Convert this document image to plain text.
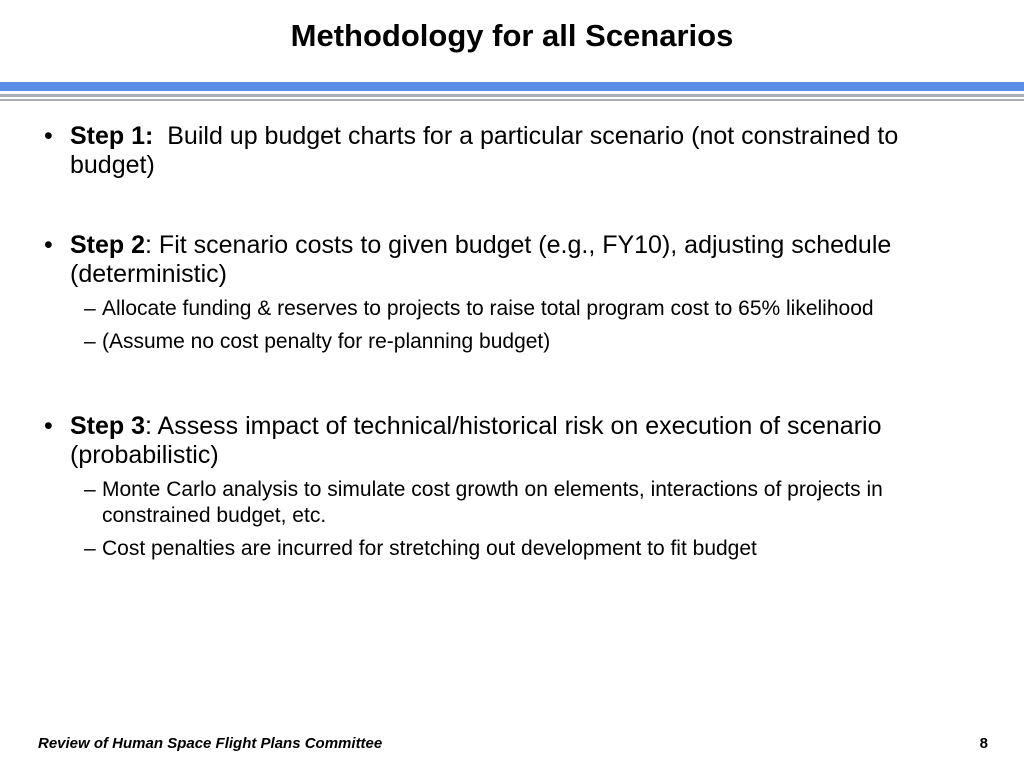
Methodology for all Scenarios
• Step 1:  Build up budget charts for a particular scenario (not constrained to budget)
• Step 2: Fit scenario costs to given budget (e.g., FY10), adjusting schedule (deterministic)
– Allocate funding & reserves to projects to raise total program cost to 65% likelihood
– (Assume no cost penalty for re-planning budget)
• Step 3: Assess impact of technical/historical risk on execution of scenario (probabilistic)
– Monte Carlo analysis to simulate cost growth on elements, interactions of projects in constrained budget, etc.
– Cost penalties are incurred for stretching out development to fit budget
Review of Human Space Flight Plans Committee	8
